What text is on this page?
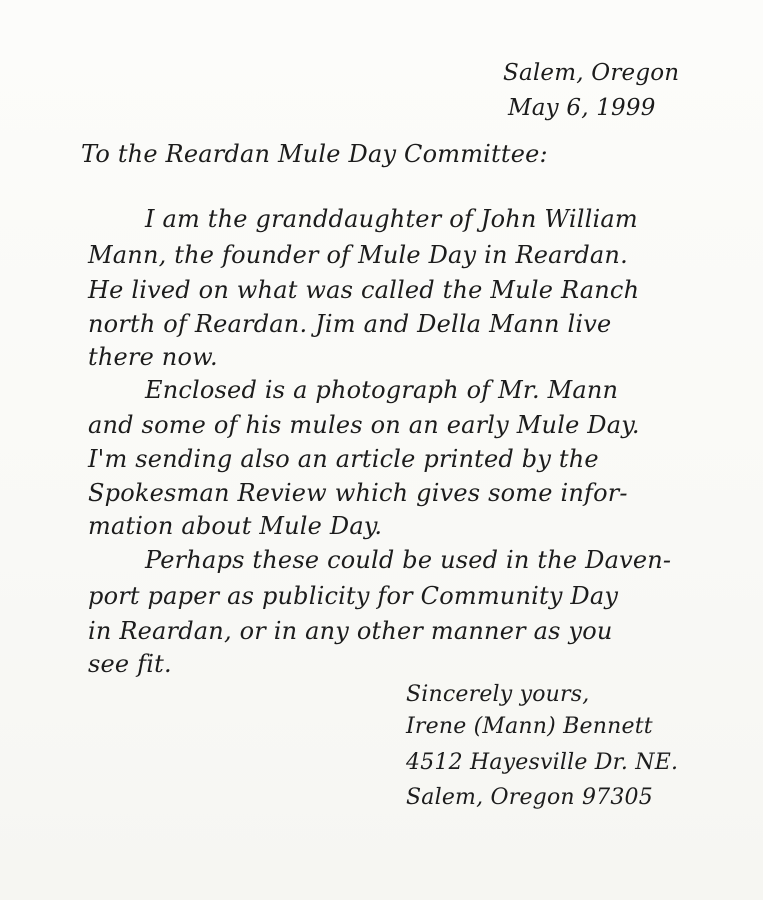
Salem, Oregon
May 6, 1999
To the Reardan Mule Day Committee:
I am the granddaughter of John William
Mann, the founder of Mule Day in Reardan.
He lived on what was called the Mule Ranch
north of Reardan. Jim and Della Mann live
there now.
Enclosed is a photograph of Mr. Mann
and some of his mules on an early Mule Day.
I'm sending also an article printed by the
Spokesman Review which gives some infor-
mation about Mule Day.
Perhaps these could be used in the Daven-
port paper as publicity for Community Day
in Reardan, or in any other manner as you
see fit.
Sincerely yours,
Irene (Mann) Bennett
4512 Hayesville Dr. NE.
Salem, Oregon 97305
